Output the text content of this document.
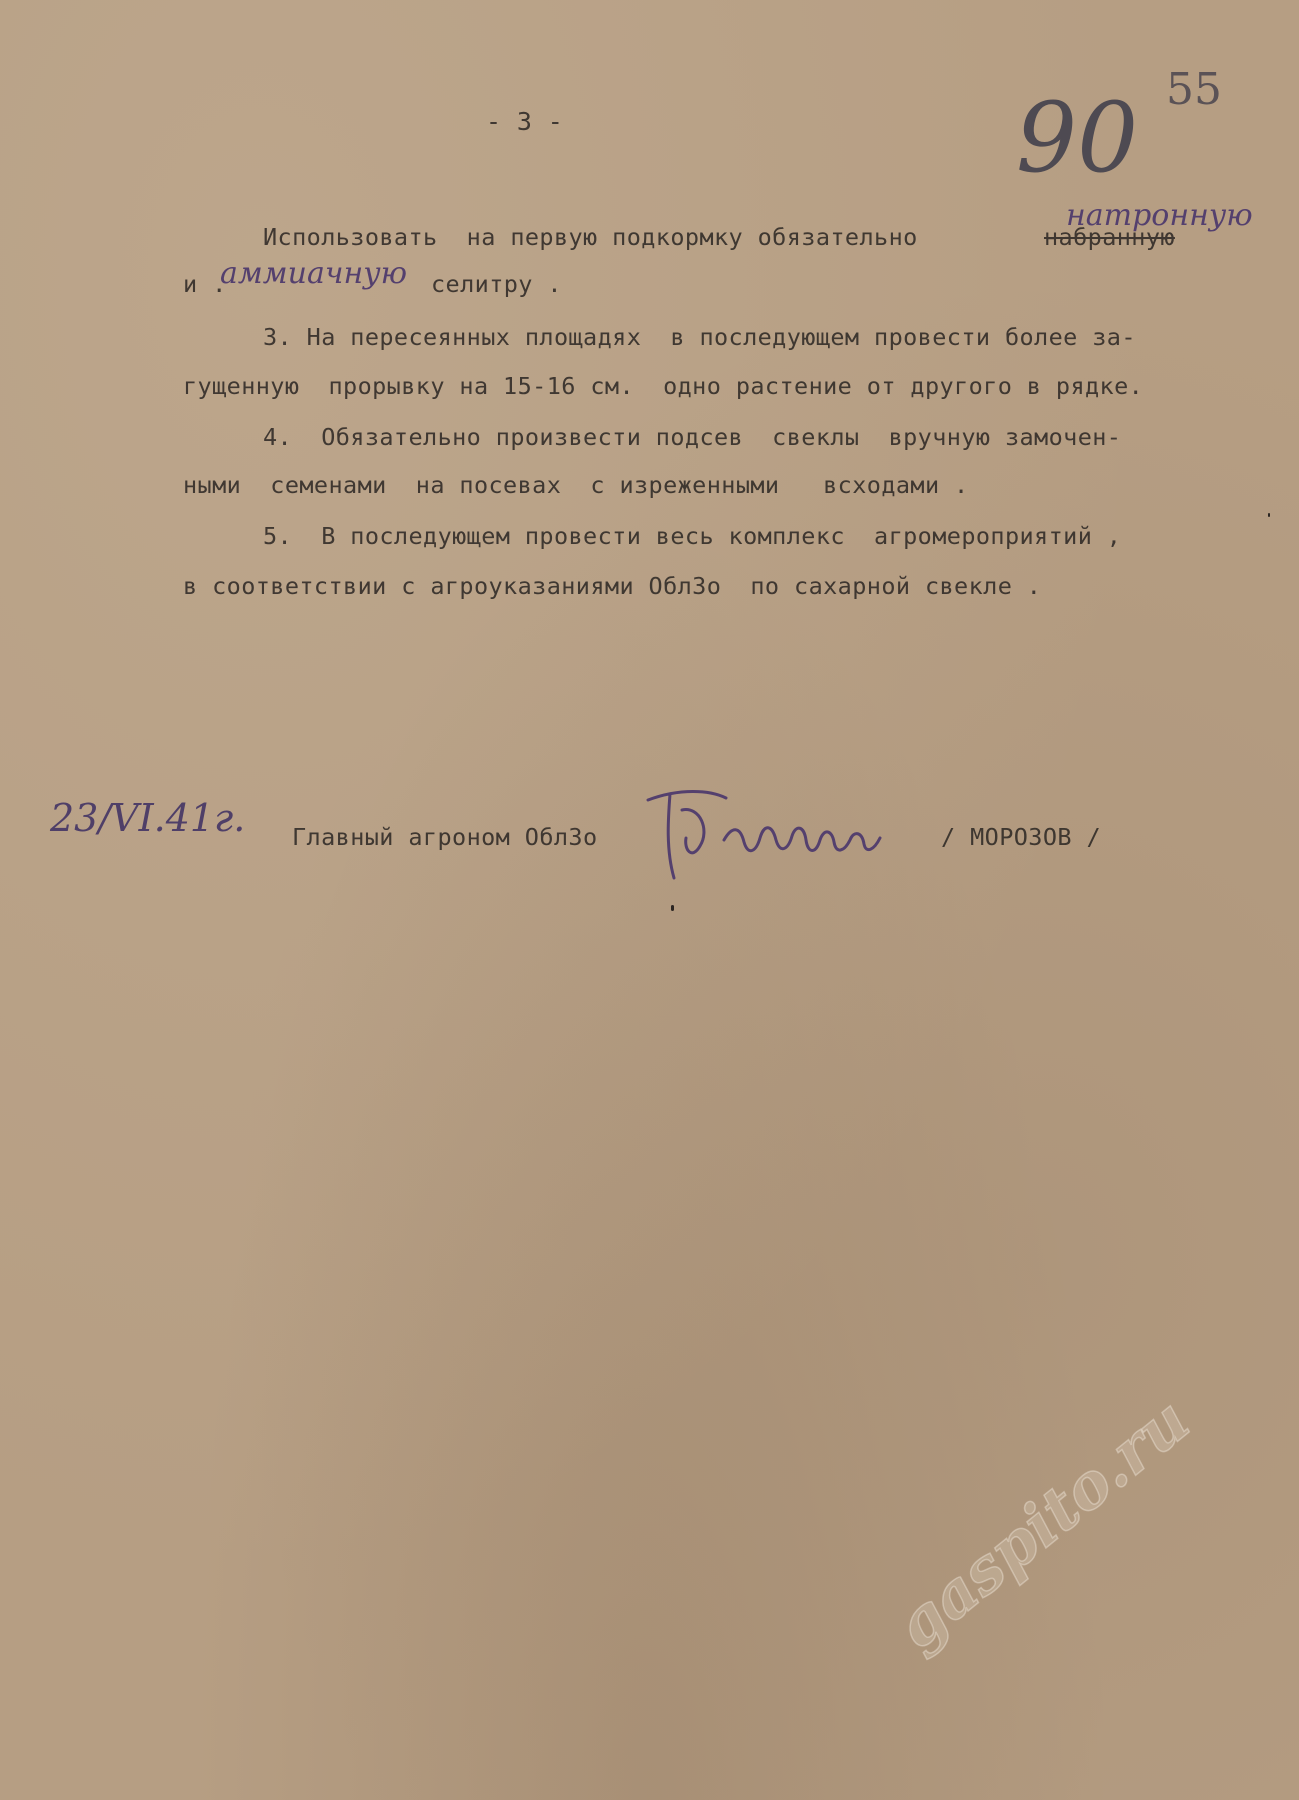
- 3 -	90 55
Использовать  на первую подкормку обязательно	набранную
натронную
и .
аммиачную селитру .
3. На пересеянных площадях  в последующем провести более за-
гущенную  прорывку на 15-16 см.  одно растение от другого в рядке.
4.  Обязательно произвести подсев  свеклы  вручную замочен-
ными  семенами  на посевах  с изреженными   всходами .
5.  В последующем провести весь комплекс  агромероприятий ,
в соответствии с агроуказаниями ОблЗо  по сахарной свекле .
23/VI.41г. Главный агроном ОблЗо	/ МОРОЗОВ /
gaspito.ru
